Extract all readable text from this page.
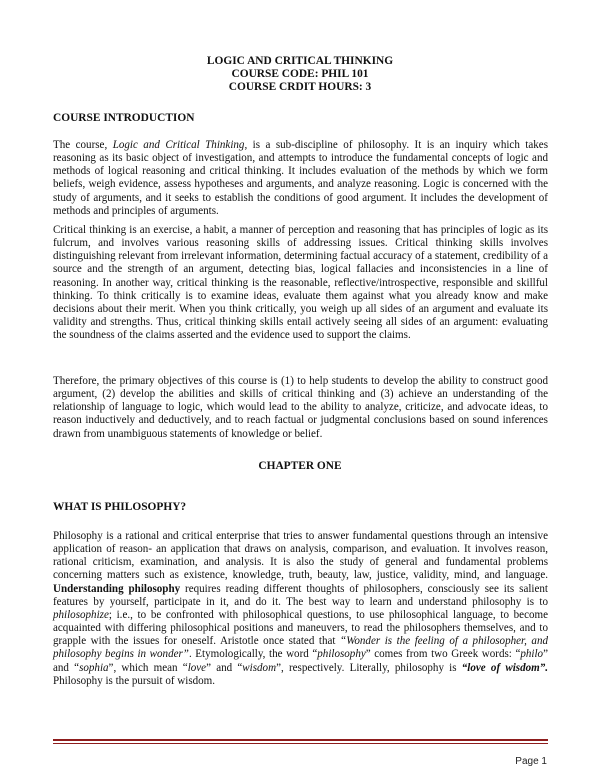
LOGIC AND CRITICAL THINKING
COURSE CODE: PHIL 101
COURSE CRDIT HOURS: 3
COURSE INTRODUCTION
The course, Logic and Critical Thinking, is a sub-discipline of philosophy. It is an inquiry which takes reasoning as its basic object of investigation, and attempts to introduce the fundamental concepts of logic and methods of logical reasoning and critical thinking. It includes evaluation of the methods by which we form beliefs, weigh evidence, assess hypotheses and arguments, and analyze reasoning. Logic is concerned with the study of arguments, and it seeks to establish the conditions of good argument. It includes the development of methods and principles of arguments.
Critical thinking is an exercise, a habit, a manner of perception and reasoning that has principles of logic as its fulcrum, and involves various reasoning skills of addressing issues. Critical thinking skills involves distinguishing relevant from irrelevant information, determining factual accuracy of a statement, credibility of a source and the strength of an argument, detecting bias, logical fallacies and inconsistencies in a line of reasoning. In another way, critical thinking is the reasonable, reflective/introspective, responsible and skillful thinking. To think critically is to examine ideas, evaluate them against what you already know and make decisions about their merit. When you think critically, you weigh up all sides of an argument and evaluate its validity and strengths. Thus, critical thinking skills entail actively seeing all sides of an argument: evaluating the soundness of the claims asserted and the evidence used to support the claims.
Therefore, the primary objectives of this course is (1) to help students to develop the ability to construct good argument, (2) develop the abilities and skills of critical thinking and (3) achieve an understanding of the relationship of language to logic, which would lead to the ability to analyze, criticize, and advocate ideas, to reason inductively and deductively, and to reach factual or judgmental conclusions based on sound inferences drawn from unambiguous statements of knowledge or belief.
CHAPTER ONE
WHAT IS PHILOSOPHY?
Philosophy is a rational and critical enterprise that tries to answer fundamental questions through an intensive application of reason- an application that draws on analysis, comparison, and evaluation. It involves reason, rational criticism, examination, and analysis. It is also the study of general and fundamental problems concerning matters such as existence, knowledge, truth, beauty, law, justice, validity, mind, and language. Understanding philosophy requires reading different thoughts of philosophers, consciously see its salient features by yourself, participate in it, and do it. The best way to learn and understand philosophy is to philosophize; i.e., to be confronted with philosophical questions, to use philosophical language, to become acquainted with differing philosophical positions and maneuvers, to read the philosophers themselves, and to grapple with the issues for oneself. Aristotle once stated that “Wonder is the feeling of a philosopher, and philosophy begins in wonder”. Etymologically, the word “philosophy” comes from two Greek words: “philo” and “sophia”, which mean “love” and “wisdom”, respectively. Literally, philosophy is “love of wisdom”. Philosophy is the pursuit of wisdom.
Page 1
